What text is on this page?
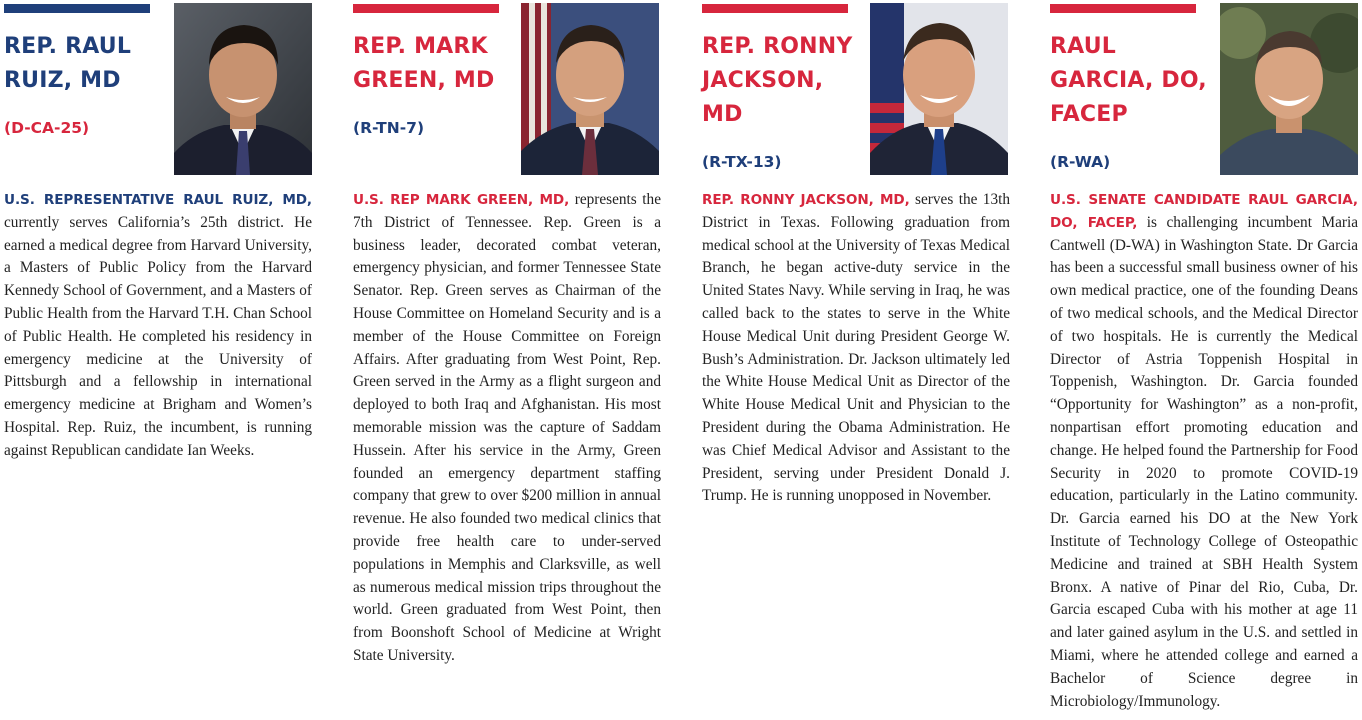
REP. RAUL RUIZ, MD
(D-CA-25)

U.S. REPRESENTATIVE RAUL RUIZ, MD, currently serves California’s 25th district. He earned a medical degree from Harvard University, a Masters of Public Policy from the Harvard Kennedy School of Government, and a Masters of Public Health from the Harvard T.H. Chan School of Public Health. He completed his residency in emergency medicine at the University of Pittsburgh and a fellowship in international emergency medicine at Brigham and Women’s Hospital. Rep. Ruiz, the incumbent, is running against Republican candidate Ian Weeks.

REP. MARK GREEN, MD
(R-TN-7)

U.S. REP MARK GREEN, MD, represents the 7th District of Tennessee. Rep. Green is a business leader, decorated combat veteran, emergency physician, and former Tennessee State Senator. Rep. Green serves as Chairman of the House Committee on Homeland Security and is a member of the House Committee on Foreign Affairs. After graduating from West Point, Rep. Green served in the Army as a flight surgeon and deployed to both Iraq and Afghanistan. His most memorable mission was the capture of Saddam Hussein. After his service in the Army, Green founded an emergency department staffing company that grew to over $200 million in annual revenue. He also founded two medical clinics that provide free health care to under-served populations in Memphis and Clarksville, as well as numerous medical mission trips throughout the world. Green graduated from West Point, then from Boonshoft School of Medicine at Wright State University.

REP. RONNY JACKSON, MD
(R-TX-13)

REP. RONNY JACKSON, MD, serves the 13th District in Texas. Following graduation from medical school at the University of Texas Medical Branch, he began active-duty service in the United States Navy. While serving in Iraq, he was called back to the states to serve in the White House Medical Unit during President George W. Bush’s Administration. Dr. Jackson ultimately led the White House Medical Unit as Director of the White House Medical Unit and Physician to the President during the Obama Administration. He was Chief Medical Advisor and Assistant to the President, serving under President Donald J. Trump. He is running unopposed in November.

RAUL GARCIA, DO, FACEP
(R-WA)

U.S. SENATE CANDIDATE RAUL GARCIA, DO, FACEP, is challenging incumbent Maria Cantwell (D-WA) in Washington State. Dr Garcia has been a successful small business owner of his own medical practice, one of the founding Deans of two medical schools, and the Medical Director of two hospitals. He is currently the Medical Director of Astria Toppenish Hospital in Toppenish, Washington. Dr. Garcia founded “Opportunity for Washington” as a non-profit, nonpartisan effort promoting education and change. He helped found the Partnership for Food Security in 2020 to promote COVID-19 education, particularly in the Latino community. Dr. Garcia earned his DO at the New York Institute of Technology College of Osteopathic Medicine and trained at SBH Health System Bronx. A native of Pinar del Rio, Cuba, Dr. Garcia escaped Cuba with his mother at age 11 and later gained asylum in the U.S. and settled in Miami, where he attended college and earned a Bachelor of Science degree in Microbiology/Immunology.
